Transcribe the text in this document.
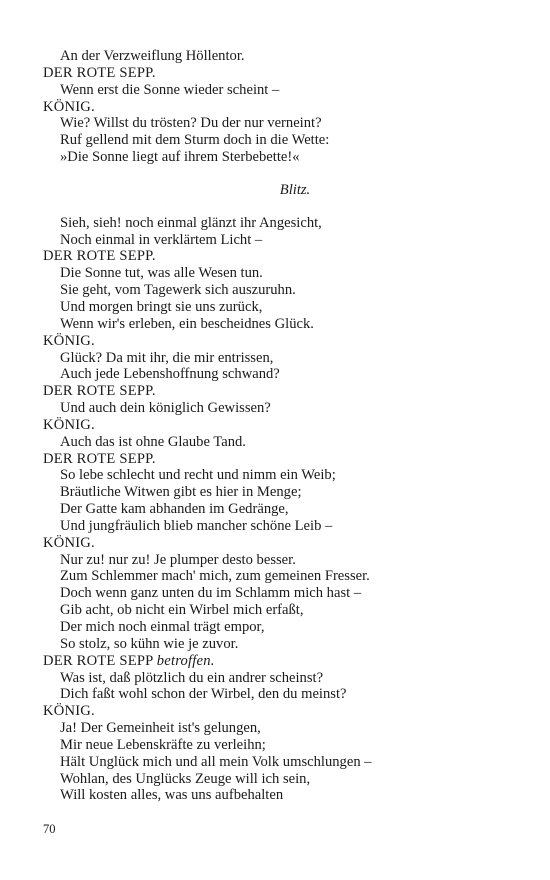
An der Verzweiflung Höllentor.
DER ROTE SEPP.
Wenn erst die Sonne wieder scheint –
KÖNIG.
Wie? Willst du trösten? Du der nur verneint?
Ruf gellend mit dem Sturm doch in die Wette:
»Die Sonne liegt auf ihrem Sterbebette!«
Blitz.
Sieh, sieh! noch einmal glänzt ihr Angesicht,
Noch einmal in verklärtem Licht –
DER ROTE SEPP.
Die Sonne tut, was alle Wesen tun.
Sie geht, vom Tagewerk sich auszuruhn.
Und morgen bringt sie uns zurück,
Wenn wir's erleben, ein bescheidnes Glück.
KÖNIG.
Glück? Da mit ihr, die mir entrissen,
Auch jede Lebenshoffnung schwand?
DER ROTE SEPP.
Und auch dein königlich Gewissen?
KÖNIG.
Auch das ist ohne Glaube Tand.
DER ROTE SEPP.
So lebe schlecht und recht und nimm ein Weib;
Bräutliche Witwen gibt es hier in Menge;
Der Gatte kam abhanden im Gedränge,
Und jungfräulich blieb mancher schöne Leib –
KÖNIG.
Nur zu! nur zu! Je plumper desto besser.
Zum Schlemmer mach' mich, zum gemeinen Fresser.
Doch wenn ganz unten du im Schlamm mich hast –
Gib acht, ob nicht ein Wirbel mich erfaßt,
Der mich noch einmal trägt empor,
So stolz, so kühn wie je zuvor.
DER ROTE SEPP betroffen.
Was ist, daß plötzlich du ein andrer scheinst?
Dich faßt wohl schon der Wirbel, den du meinst?
KÖNIG.
Ja! Der Gemeinheit ist's gelungen,
Mir neue Lebenskräfte zu verleihn;
Hält Unglück mich und all mein Volk umschlungen –
Wohlan, des Unglücks Zeuge will ich sein,
Will kosten alles, was uns aufbehalten
70
